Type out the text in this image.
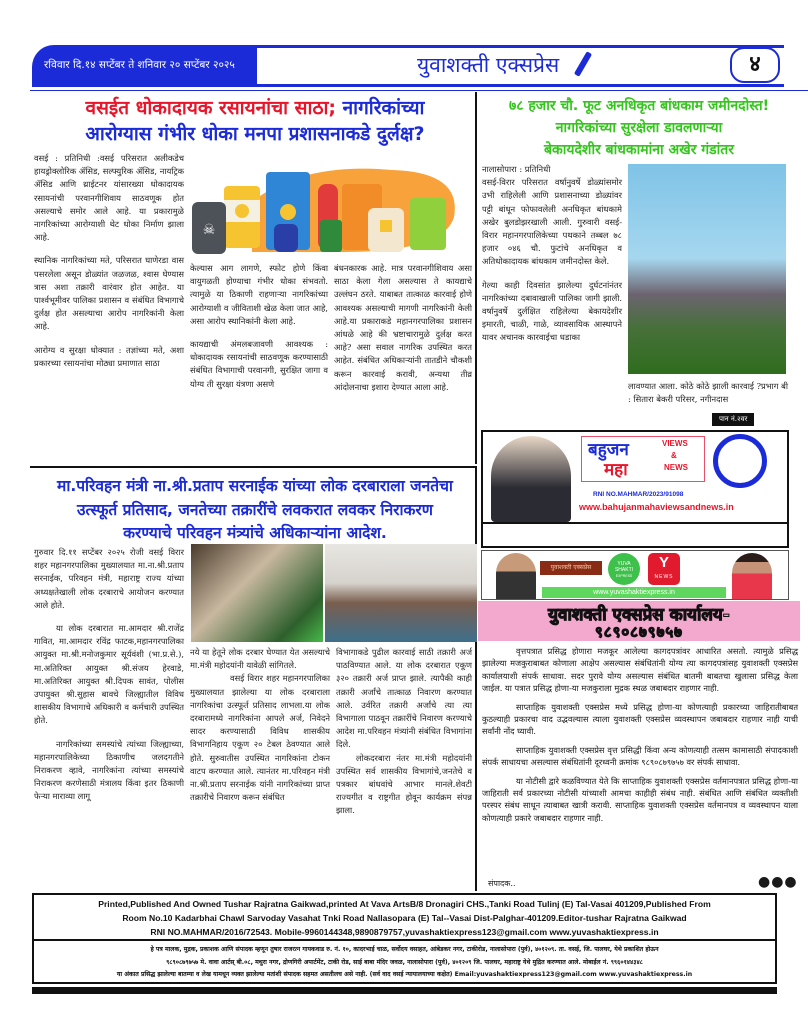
रविवार दि.१४ सप्टेंबर ते शनिवार २० सप्टेंबर २०२५	युवाशक्ती एक्सप्रेस	४
वसईत धोकादायक रसायनांचा साठा; नागरिकांच्या
आरोग्यास गंभीर धोका मनपा प्रशासनाकडे दुर्लक्ष?

वसई : प्रतिनिधी :वसई परिसरात अलीकडेच हायड्रोक्लोरिक ॲसिड, सल्फ्युरिक ॲसिड, नायट्रिक ॲसिड आणि थ्राईटनर यांसारख्या धोकादायक रसायनांची परवानगीशिवाय साठवणूक होत असल्याचे समोर आले आहे. या प्रकारामुळे नागरिकांच्या आरोग्याशी थेट धोका निर्माण झाला आहे.

स्थानिक नागरिकांच्या मते, परिसरात घाणेरडा वास पसरलेला असून डोळ्यांत जळजळ, श्वास घेण्यास त्रास अशा तक्रारी वारंवार होत आहेत. या पार्श्वभूमीवर पालिका प्रशासन व संबंधित विभागाचे दुर्लक्ष होत असल्याचा आरोप नागरिकांनी केला आहे.

आरोग्य व सुरक्षा धोक्यात : तज्ञांच्या मते, अशा प्रकारच्या रसायनांचा मोठ्या प्रमाणात साठा

☠

केल्यास आग लागणे, स्फोट होणे किंवा वायुगळती होण्याचा गंभीर धोका संभवतो. त्यामुळे या ठिकाणी राहणाऱ्या नागरिकांच्या आरोग्याशी व जीविताशी खेळ केला जात आहे, असा आरोप स्थानिकांनी केला आहे.

कायद्याची अंमलबजावणी आवश्यक : धोकादायक रसायनांची साठवणूक करण्यासाठी संबंधित विभागाची परवानगी, सुरक्षित जागा व योग्य ती सुरक्षा यंत्रणा असणे

बंधनकारक आहे. मात्र परवानगीशिवाय असा साठा केला गेला असल्यास ते कायद्याचे उल्लंघन ठरते. याबाबत तात्काळ कारवाई होणे आवश्यक असल्याची मागणी नागरिकांनी केली आहे.या प्रकाराकडे महानगरपालिका प्रशासन आंधळे आहे की भ्रष्टाचारामुळे दुर्लक्ष करत आहे? असा सवाल नागरिक उपस्थित करत आहेत. संबंधित अधिकाऱ्यांनी तातडीने चौकशी करून कारवाई करावी, अन्यथा तीव्र आंदोलनाचा इशारा देण्यात आला आहे.

७८ हजार चौ. फूट अनधिकृत बांधकाम जमीनदोस्त!
नागरिकांच्या सुरक्षेला डावलणाऱ्या
बेकायदेशीर बांधकामांना अखेर गंडांतर

नालासोपारा : प्रतिनिधी

वसई-विरार परिसरात वर्षानुवर्षे डोळ्यांसमोर उभी राहिलेली आणि प्रशासनाच्या डोळ्यांवर पट्टी बांधून फोफावलेली अनधिकृत बांधकामे अखेर बुलडोझरखाली आली. गुरुवारी वसई-विरार महानगरपालिकेच्या पथकाने तब्बल ७८ हजार ०४६ चौ. फुटांचे अनधिकृत व अतिधोकादायक बांधकाम जमीनदोस्त केले.

गेल्या काही दिवसांत झालेल्या दुर्घटनांनंतर नागरिकांच्या दबावाखाली पालिका जागी झाली. वर्षानुवर्षे दुर्लक्षित राहिलेल्या बेकायदेशीर इमारती, चाळी, गाळे, व्यावसायिक आस्थापने यावर अचानक कारवाईचा धडाका

लावण्यात आला. कोठे कोठे झाली कारवाई ?प्रभाग बी : सितारा बेकरी परिसर, नगीनदास
पान नं.२वर
बहुजन
महा
VIEWS
&
NEWS
RNI NO.MAHMAR/2023/91098
www.bahujanmahaviewsandnews.in
युवाशक्ती एक्सप्रेस	YUVA
SHAKTI
EXPRESS
Y
NEWS
www.yuvashaktiexpress.in
युवाशक्ती एक्सप्रेस कार्यालय-
९८९०८७९७५७

वृत्तपत्रात प्रसिद्ध होणारा मजकूर आलेल्या कागदपत्रांवर आधारित असतो. त्यामुळे प्रसिद्ध झालेल्या मजकुराबाबत कोणाला आक्षेप असल्यास संबंधितांनी योग्य त्या कागदपत्रांसह युवाशक्ती एक्सप्रेस कार्यालयाशी संपर्क साधावा. सदर पुरावे योग्य असल्यास संबंधित बातमी बाबतचा खुलासा प्रसिद्ध केला जाईल. या पत्रात प्रसिद्ध होणा-या मजकुराला मुद्रक स्थळ जबाबदार राहणार नाही.

साप्ताहिक युवाशक्ती एक्सप्रेस मध्ये प्रसिद्ध होणा-या कोणत्याही प्रकारच्या जाहिरातीबाबत कुठल्याही प्रकारचा वाद उद्भवल्यास त्याला युवाशक्ती एक्सप्रेस व्यवस्थापन जबाबदार राहणार नाही याची सर्वांनी नोंद घ्यावी.

साप्ताहिक युवाशक्ती एक्सप्रेस वृत्त प्रसिद्धी किंवा अन्य कोणत्याही तत्सम कामासाठी संपादकाशी संपर्क साधायचा असल्यास संबंधितांनी दूरध्वनी क्रमांक ९८९०८७९७५७ वर संपर्क साधावा.

या नोटीसी द्वारे कळविण्यात येते कि साप्ताहिक युवाशक्ती एक्सप्रेस वर्तमानपत्रात प्रसिद्ध होणा-या जाहिराती सर्व प्रकारच्या नोटीसी यांच्याशी आमचा काहीही संबंध नाही. संबंधित आणि संबंधित व्यक्तीशी परस्पर संबंध साधून त्याबाबत खात्री करावी. साप्ताहिक युवाशक्ती एक्सप्रेस वर्तमानपत्र व व्यवस्थापन याला कोणत्याही प्रकारे जबाबदार राहणार नाही.

संपादक..	●●●
मा.परिवहन मंत्री ना.श्री.प्रताप सरनाईक यांच्या लोक दरबाराला जनतेचा
उत्स्फूर्त प्रतिसाद, जनतेच्या तक्रारींचे लवकरात लवकर निराकरण
करण्याचे परिवहन मंत्र्यांचे अधिकाऱ्यांना आदेश.

गुरुवार दि.११ सप्टेंबर २०२५ रोजी वसई विरार शहर महानगरपालिका मुख्यालयात मा.ना.श्री.प्रताप सरनाईक, परिवहन मंत्री, महाराष्ट्र राज्य यांच्या अध्यक्षतेखाली लोक दरबाराचे आयोजन करण्यात आले होते.

या लोक दरबारात मा.आमदार श्री.राजेंद्र गावित, मा.आमदार रविंद्र फाटक,महानगरपालिका आयुक्त मा.श्री.मनोजकुमार सूर्यवंशी (भा.प्र.से.), मा.अतिरिक्त आयुक्त श्री.संजय हेरवाडे, मा.अतिरिक्त आयुक्त श्री.दिपक सावंत, पोलीस उपायुक्त श्री.सुहास बावचे जिल्ह्यातील विविध शासकीय विभागाचे अधिकारी व कर्मचारी उपस्थित होते.

नागरिकांच्या समस्यांचे त्यांच्या जिल्ह्याच्या, महानगरपालिकेच्या ठिकाणीच जलदगतीने निराकरण व्हावे, नागरिकांना त्यांच्या समस्यांचे निराकरण करणेसाठी मंत्रालय किंवा इतर ठिकाणी फेऱ्या माराव्या लागू

नये या हेतूने लोक दरबार घेण्यात येत असल्याचे मा.मंत्री महोदयांनी यावेळी सांगितले.

वसई विरार शहर महानगरपालिका मुख्यालयात झालेल्या या लोक दरबाराला नागरिकांचा उत्स्फूर्त प्रतिसाद लाभला.या लोक दरबारामध्ये नागरिकांना आपले अर्ज, निवेदने सादर करण्यासाठी विविध शासकीय विभागनिहाय एकूण २० टेबल ठेवण्यात आले होते. सुरुवातीस उपस्थित नागरिकांना टोकन वाटप करण्यात आले. त्यानंतर मा.परिवहन मंत्री ना.श्री.प्रताप सरनाईक यांनी नागरिकांच्या प्राप्त तक्रारीचे निवारण करून संबंधित

विभागाकडे पुढील कारवाई साठी तक्रारी अर्ज पाठविण्यात आले. या लोक दरबारात एकूण ३२० तक्रारी अर्ज प्राप्त झाले. त्यापैकी काही तक्रारी अर्जांचे तात्काळ निवारण करण्यात आले. उर्वरित तक्रारी अर्जांचे त्या त्या विभागाला पाठवून तक्रारींचे निवारण करण्याचे आदेश मा.परिवहन मंत्र्यांनी संबंधित विभागांना दिले.

लोकदरबारा नंतर मा.मंत्री महोदयांनी उपस्थित सर्व शासकीय विभागांचे,जनतेचे व पत्रकार बांधवांचे आभार मानले.शेवटी राज्यगीत व राष्ट्रगीत होवून कार्यक्रम संपन्न झाला.

Printed,Published And Owned Tushar Rajratna Gaikwad,printed At Vava ArtsB/8 Dronagiri CHS.,Tanki Road Tulinj (E) Tal-Vasai 401209,Published From
Room No.10 Kadarbhai Chawl Sarvoday Vasahat Tnki Road Nallasopara (E) Tal--Vasai Dist-Palghar-401209.Editor-tushar Rajratna Gaikwad
RNI NO.MAHMAR/2016/72543. Mobile-9960144348,9890879757,yuvashaktiexpress123@gmail.com www.yuvashaktiexpress.in
हे पत्र मालक, मुद्रक, प्रकाशक आणि संपादक म्हणून तुषार राजरत्न गायकवाड रु. नं. १०, कादरभाई चाळ, सर्वोदय वसाहत, आंबेडकर नगर, टाकीरोड, नालासोपारा (पुर्व), ४०१२०९. ता. वसई, जि. पालघर, येथे प्रकाशित होऊन
९८९०८७९७५७ मे. वावा आर्टस् बी.०८, मथुरा नगर, द्रोणगिरी अपार्टमेंट, टाकी रोड, साई बाबा मंदिर जवळ, नालासोपारा (पुर्व), ४०१२०९ जि. पालघर, महाराष्ट्र येथे मुद्रित करण्यात आले. मोबाईल नं. ९९६०१४४३४८
या अंकात प्रसिद्ध झालेल्या बातम्या व लेख यामधून व्यक्त झालेल्या मतांशी संपादक सहमत असतीलच असे नाही. (सर्व वाद वसई न्यायालयाच्या कक्षेत) Email:yuvashaktiexpress123@gmail.com www.yuvashaktiexpress.in
